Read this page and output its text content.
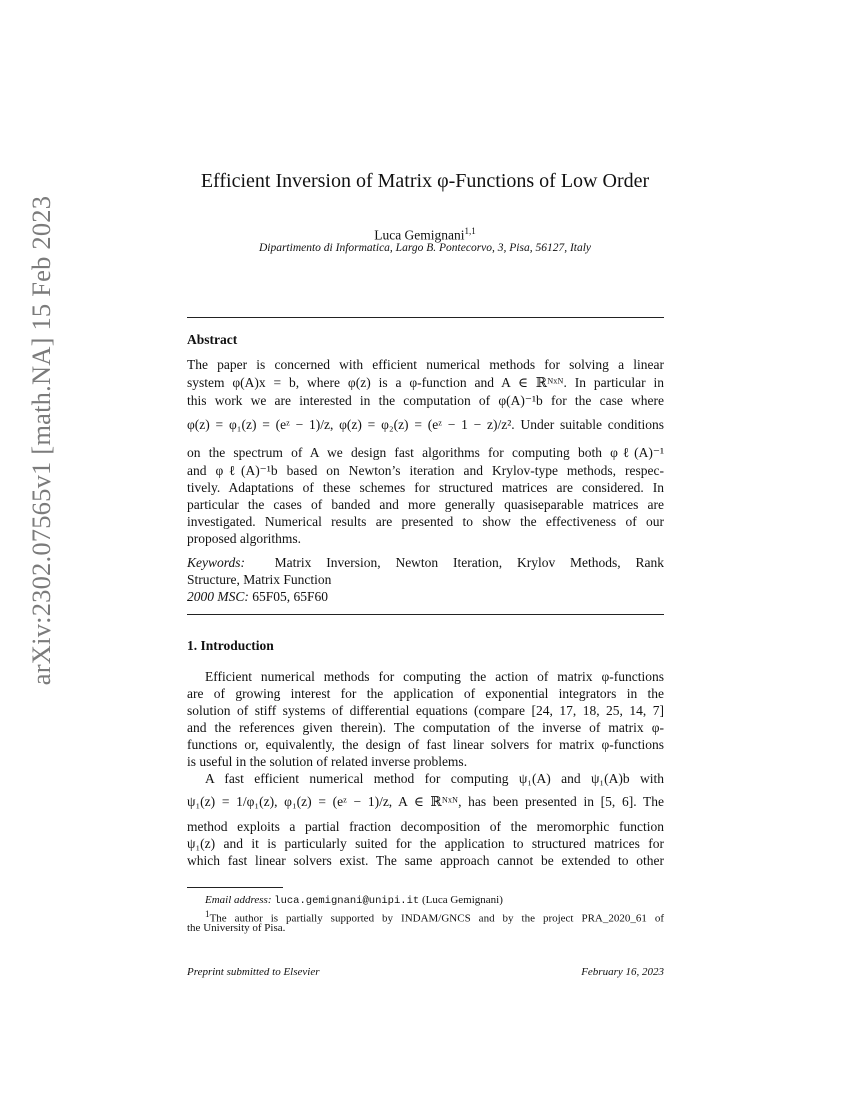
arXiv:2302.07565v1 [math.NA] 15 Feb 2023
Efficient Inversion of Matrix φ-Functions of Low Order
Luca Gemignani$^{1,1}$
Dipartimento di Informatica, Largo B. Pontecorvo, 3, Pisa, 56127, Italy
Abstract
The paper is concerned with efficient numerical methods for solving a linear
system φ(A)x = b, where φ(z) is a φ-function and A ∈ ℝᴺˣᴺ. In particular in
this work we are interested in the computation of φ(A)⁻¹b for the case where
φ(z) = φ₁(z) = (eᶻ − 1)/z, φ(z) = φ₂(z) = (eᶻ − 1 − z)/z². Under suitable conditions
on the spectrum of A we design fast algorithms for computing both φℓ(A)⁻¹
and φℓ(A)⁻¹b based on Newton’s iteration and Krylov-type methods, respec-
tively. Adaptations of these schemes for structured matrices are considered. In
particular the cases of banded and more generally quasiseparable matrices are
investigated. Numerical results are presented to show the effectiveness of our
proposed algorithms.
Keywords: Matrix Inversion, Newton Iteration, Krylov Methods, Rank
Structure, Matrix Function
2000 MSC: 65F05, 65F60
1. Introduction
Efficient numerical methods for computing the action of matrix φ-functions
are of growing interest for the application of exponential integrators in the
solution of stiff systems of differential equations (compare [24, 17, 18, 25, 14, 7]
and the references given therein). The computation of the inverse of matrix φ-
functions or, equivalently, the design of fast linear solvers for matrix φ-functions
is useful in the solution of related inverse problems.
A fast efficient numerical method for computing ψ₁(A) and ψ₁(A)b with
ψ₁(z) = 1/φ₁(z), φ₁(z) = (eᶻ − 1)/z, A ∈ ℝᴺˣᴺ, has been presented in [5, 6]. The
method exploits a partial fraction decomposition of the meromorphic function
ψ₁(z) and it is particularly suited for the application to structured matrices for
which fast linear solvers exist. The same approach cannot be extended to other
Email address: luca.gemignani@unipi.it (Luca Gemignani)
$^1$The author is partially supported by INDAM/GNCS and by the project PRA_2020_61 of
the University of Pisa.
Preprint submitted to Elsevier	February 16, 2023
